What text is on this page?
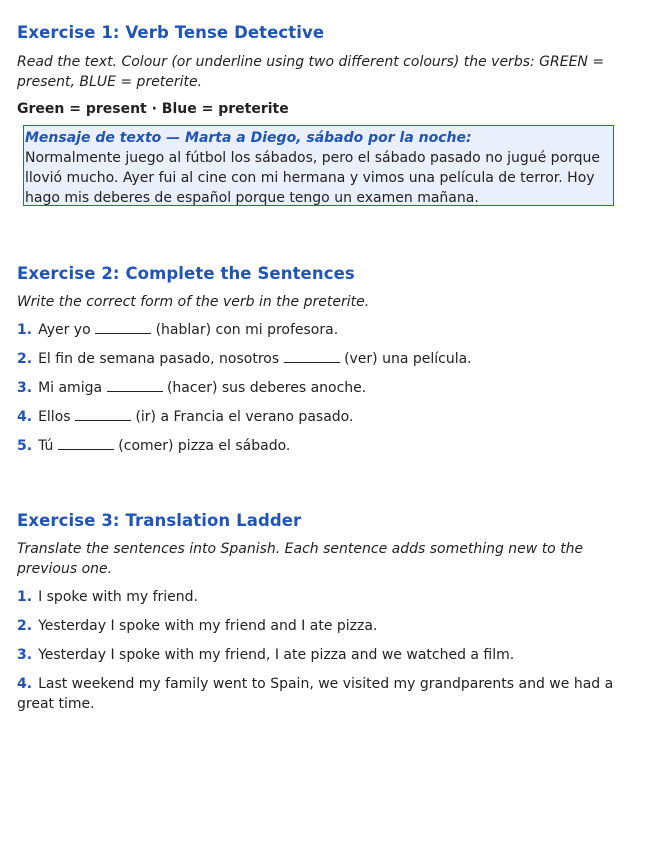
Exercise 1: Verb Tense Detective

Read the text. Colour (or underline using two different colours) the verbs: GREEN = present, BLUE = preterite.

Green = present · Blue = preterite

Mensaje de texto — Marta a Diego, sábado por la noche:
Normalmente juego al fútbol los sábados, pero el sábado pasado no jugué porque llovió mucho. Ayer fui al cine con mi hermana y vimos una película de terror. Hoy hago mis deberes de español porque tengo un examen mañana.
Exercise 2: Complete the Sentences

Write the correct form of the verb in the preterite.

1. Ayer yo	(hablar) con mi profesora.

2. El fin de semana pasado, nosotros	(ver) una película.

3. Mi amiga	(hacer) sus deberes anoche.

4. Ellos	(ir) a Francia el verano pasado.

5. Tú	(comer) pizza el sábado.

Exercise 3: Translation Ladder

Translate the sentences into Spanish. Each sentence adds something new to the previous one.

1. I spoke with my friend.

2. Yesterday I spoke with my friend and I ate pizza.

3. Yesterday I spoke with my friend, I ate pizza and we watched a film.

4. Last weekend my family went to Spain, we visited my grandparents and we had a great time.
